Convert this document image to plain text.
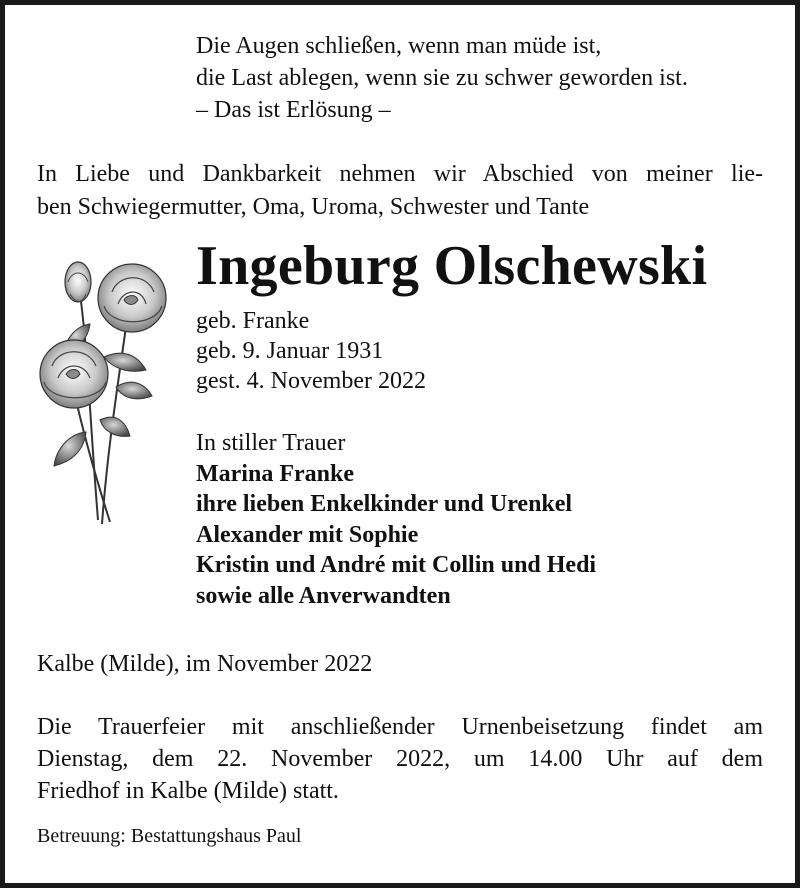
Die Augen schließen, wenn man müde ist,
die Last ablegen, wenn sie zu schwer geworden ist.
– Das ist Erlösung –
In Liebe und Dankbarkeit nehmen wir Abschied von meiner lie-
ben Schwiegermutter, Oma, Uroma, Schwester und Tante
Ingeburg Olschewski
geb. Franke
geb. 9. Januar 1931
gest. 4. November 2022
In stiller Trauer
Marina Franke
ihre lieben Enkelkinder und Urenkel
Alexander mit Sophie
Kristin und André mit Collin und Hedi
sowie alle Anverwandten
Kalbe (Milde), im November 2022
Die Trauerfeier mit anschließender Urnenbeisetzung findet am
Dienstag, dem 22. November 2022, um 14.00 Uhr auf dem
Friedhof in Kalbe (Milde) statt.
Betreuung: Bestattungshaus Paul
